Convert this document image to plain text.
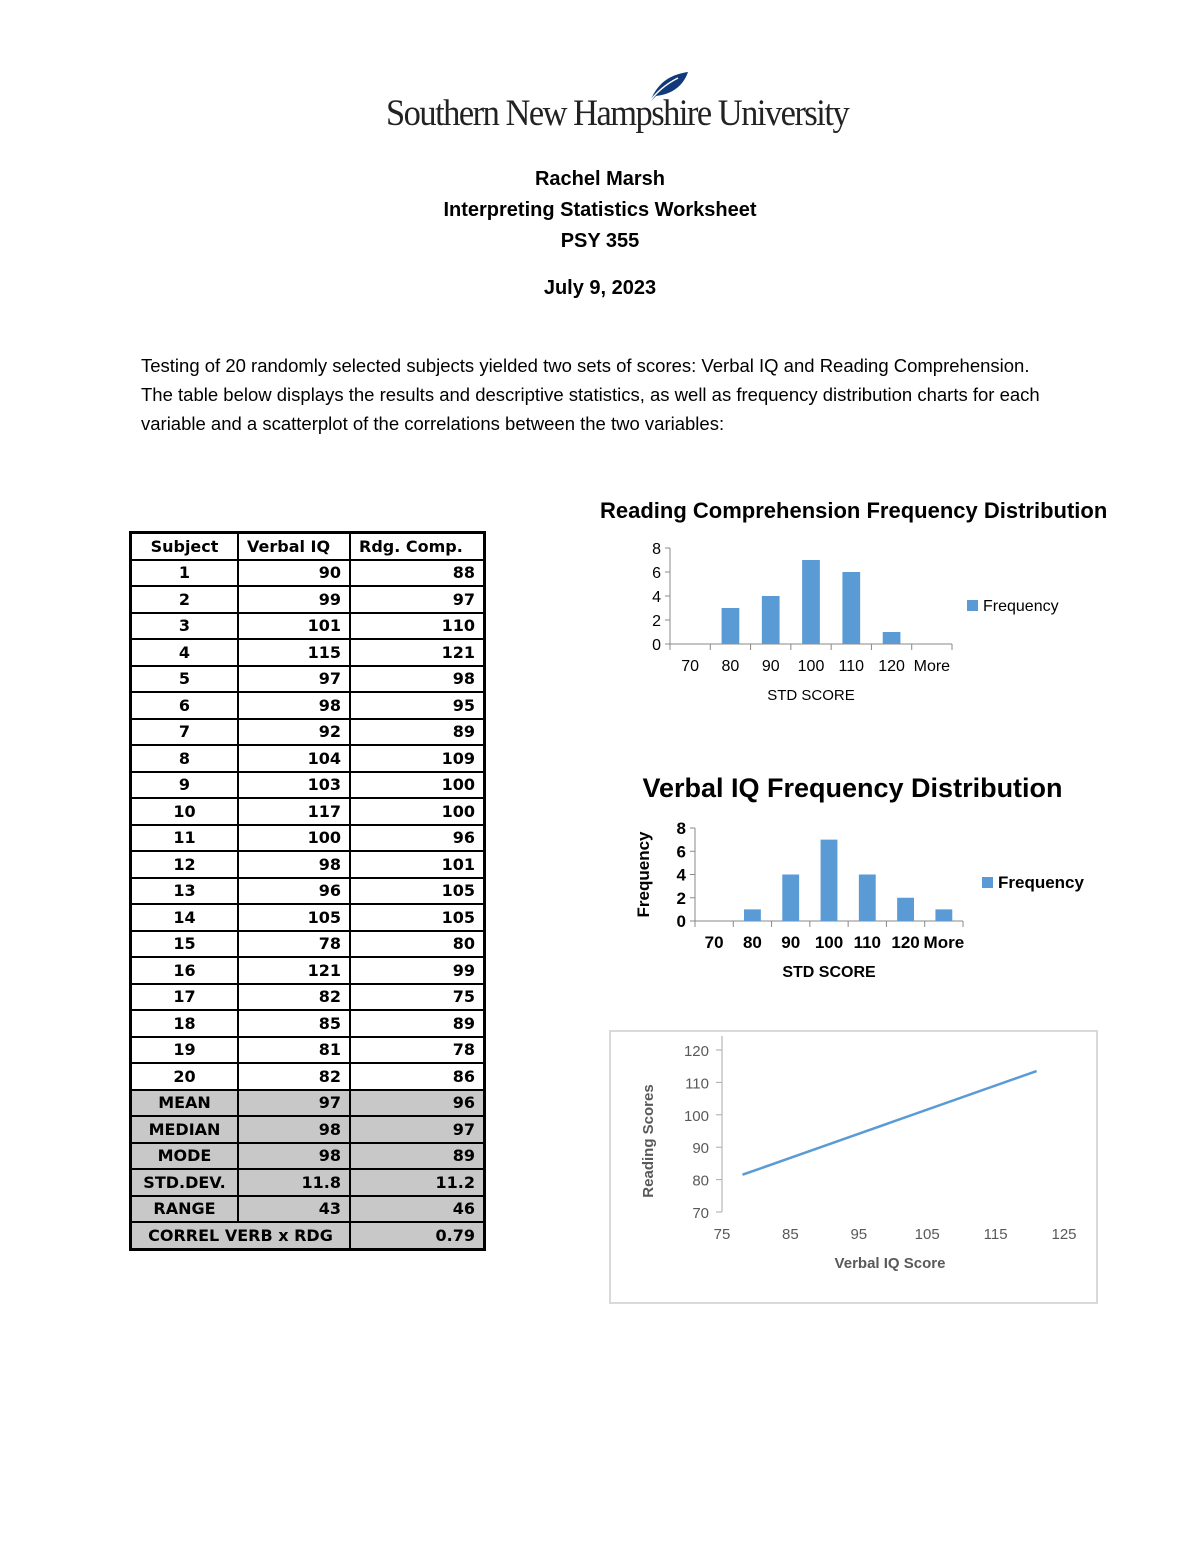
Southern New Hampshire University
Rachel Marsh
Interpreting Statistics Worksheet
PSY 355
July 9, 2023
Testing of 20 randomly selected subjects yielded two sets of scores: Verbal IQ and Reading Comprehension. The table below displays the results and descriptive statistics, as well as frequency distribution charts for each variable and a scatterplot of the correlations between the two variables:
Subject	Verbal IQ	Rdg. Comp.
1	90	88
2	99	97
3	101	110
4	115	121
5	97	98
6	98	95
7	92	89
8	104	109
9	103	100
10	117	100
11	100	96
12	98	101
13	96	105
14	105	105
15	78	80
16	121	99
17	82	75
18	85	89
19	81	78
20	82	86
MEAN	97	96
MEDIAN	98	97
MODE	98	89
STD.DEV.	11.8	11.2
RANGE	43	46
CORREL VERB x RDG		0.79
Reading Comprehension Frequency Distribution
0
2
4
6
8
70 80 90 100 110 120 More
STD SCORE
Frequency
Verbal IQ Frequency Distribution
0
2
4
6
8
70 80 90 100 110 120 More
STD SCORE
Frequency	Frequency
70
80
90
100
110
120
75	85	95	105	115	125
Verbal IQ Score
Reading Scores
